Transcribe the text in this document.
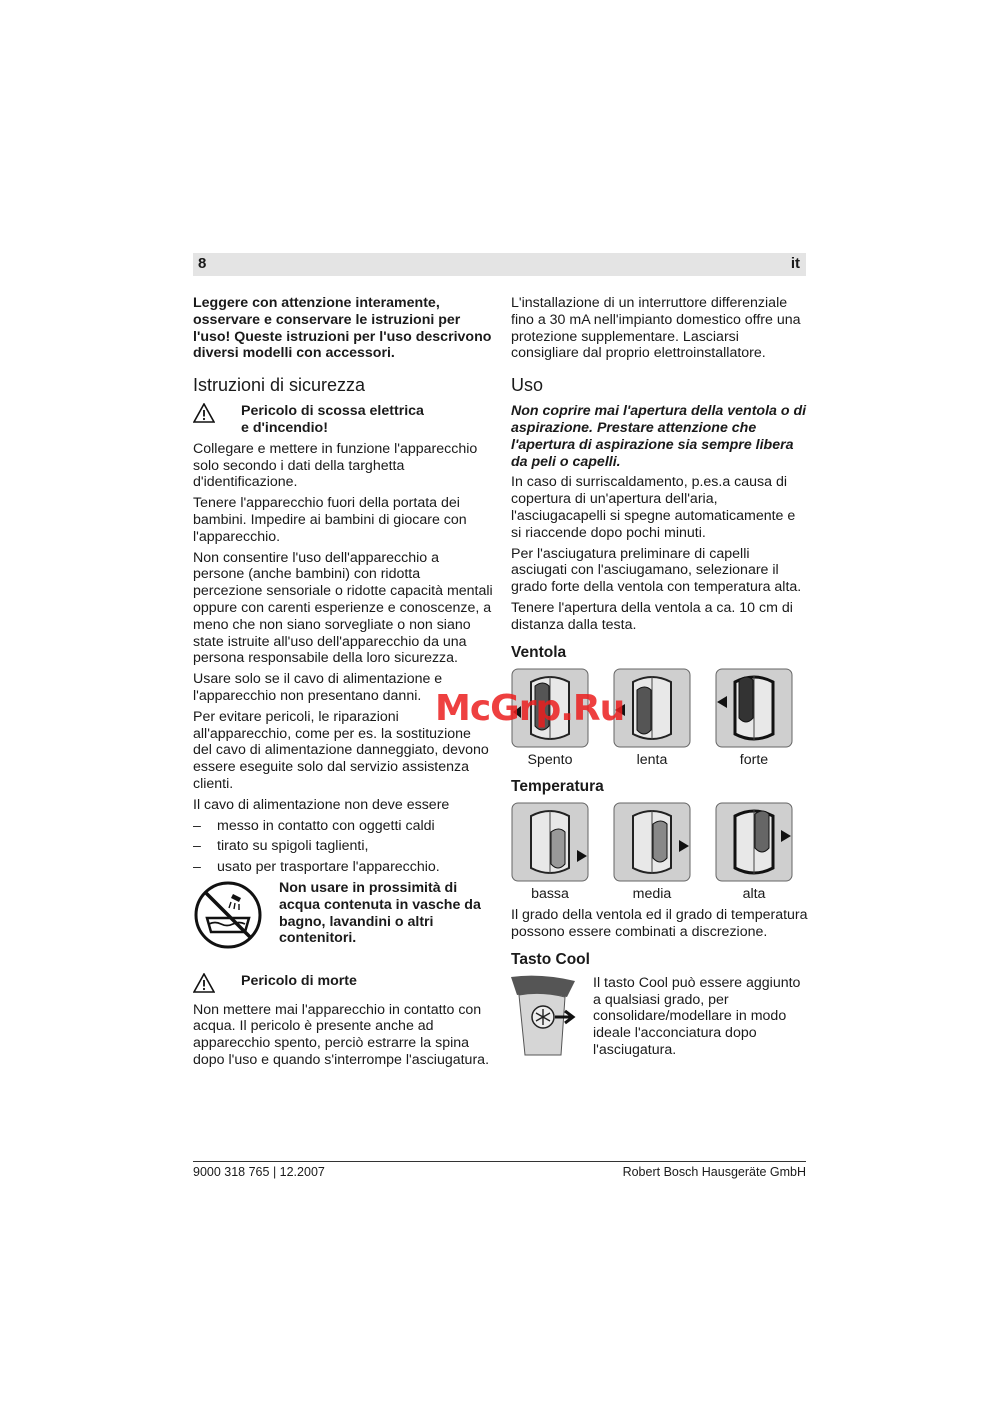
8	it

Leggere con attenzione interamente, osservare e conservare le istruzioni per l'uso! Queste istruzioni per l'uso descrivono diversi modelli con accessori.

Istruzioni di sicurezza
Pericolo di scossa elettrica
e d'incendio!

Collegare e mettere in funzione l'apparecchio solo secondo i dati della targhetta d'identificazione.

Tenere l'apparecchio fuori della portata dei bambini. Impedire ai bambini di giocare con l'apparecchio.

Non consentire l'uso dell'apparecchio a persone (anche bambini) con ridotta percezione sensoriale o ridotte capacità mentali oppure con carenti esperienze e conoscenze, a meno che non siano sorvegliate o non siano state istruite all'uso dell'apparecchio da una persona responsabile della loro sicurezza.

Usare solo se il cavo di alimentazione e l'apparecchio non presentano danni.

Per evitare pericoli, le riparazioni all'apparecchio, come per es. la sostituzione del cavo di alimentazione danneggiato, devono essere eseguite solo dal servizio assistenza clienti.

Il cavo di alimentazione non deve essere

–	messo in contatto con oggetti caldi
–	tirato su spigoli taglienti,
–	usato per trasportare l'apparecchio.
Non usare in prossimità di acqua contenuta in vasche da bagno, lavandini o altri contenitori.
Pericolo di morte

Non mettere mai l'apparecchio in contatto con acqua. Il pericolo è presente anche ad apparecchio spento, perciò estrarre la spina dopo l'uso e quando s'interrompe l'asciugatura.

L'installazione di un interruttore differenziale fino a 30 mA nell'impianto domestico offre una protezione supplementare. Lasciarsi consigliare dal proprio elettroinstallatore.

Uso

Non coprire mai l'apertura della ventola o di aspirazione. Prestare attenzione che l'apertura di aspirazione sia sempre libera da peli o capelli.

In caso di surriscaldamento, p.es.a causa di copertura di un'apertura dell'aria, l'asciugacapelli si spegne automaticamente e si riaccende dopo pochi minuti.

Per l'asciugatura preliminare di capelli asciugati con l'asciugamano, selezionare il grado forte della ventola con temperatura alta.

Tenere l'apertura della ventola a ca. 10 cm di distanza dalla testa.

Ventola
Spento	lenta	forte
Temperatura
bassa	media	alta

Il grado della ventola ed il grado di temperatura possono essere combinati a discrezione.

Tasto Cool
Il tasto Cool può essere aggiunto a qualsiasi grado, per consolidare/modellare in modo ideale l'acconciatura dopo l'asciugatura.
McGrp.Ru
9000 318 765 | 12.2007	Robert Bosch Hausgeräte GmbH
